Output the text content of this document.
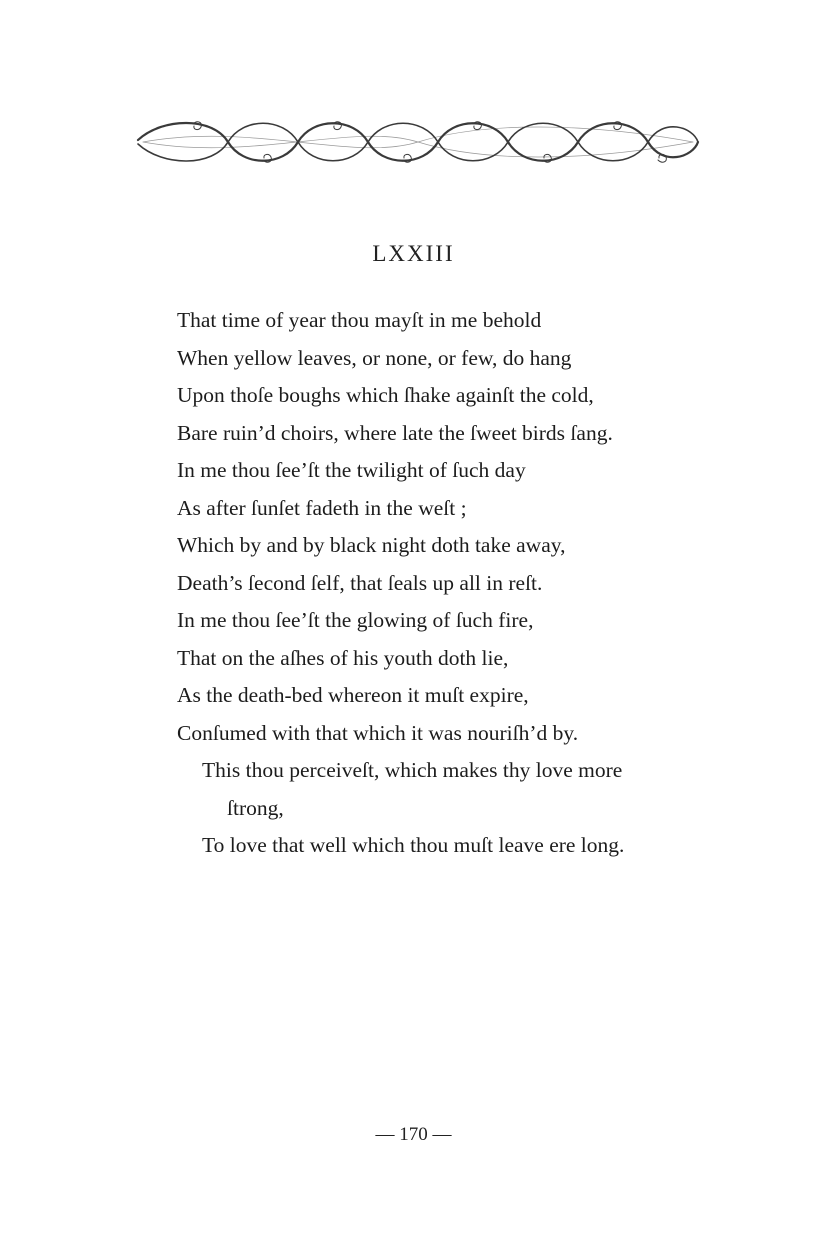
LXXIII
That time of year thou mayſt in me behold
When yellow leaves, or none, or few, do hang
Upon thoſe boughs which ſhake againſt the cold,
Bare ruin’d choirs, where late the ſweet birds ſang.
In me thou ſee’ſt the twilight of ſuch day
As after ſunſet fadeth in the weſt ;
Which by and by black night doth take away,
Death’s ſecond ſelf, that ſeals up all in reſt.
In me thou ſee’ſt the glowing of ſuch fire,
That on the aſhes of his youth doth lie,
As the death-bed whereon it muſt expire,
Conſumed with that which it was nouriſh’d by.
This thou perceiveſt, which makes thy love more
ſtrong,
To love that well which thou muſt leave ere long.
— 170 —
